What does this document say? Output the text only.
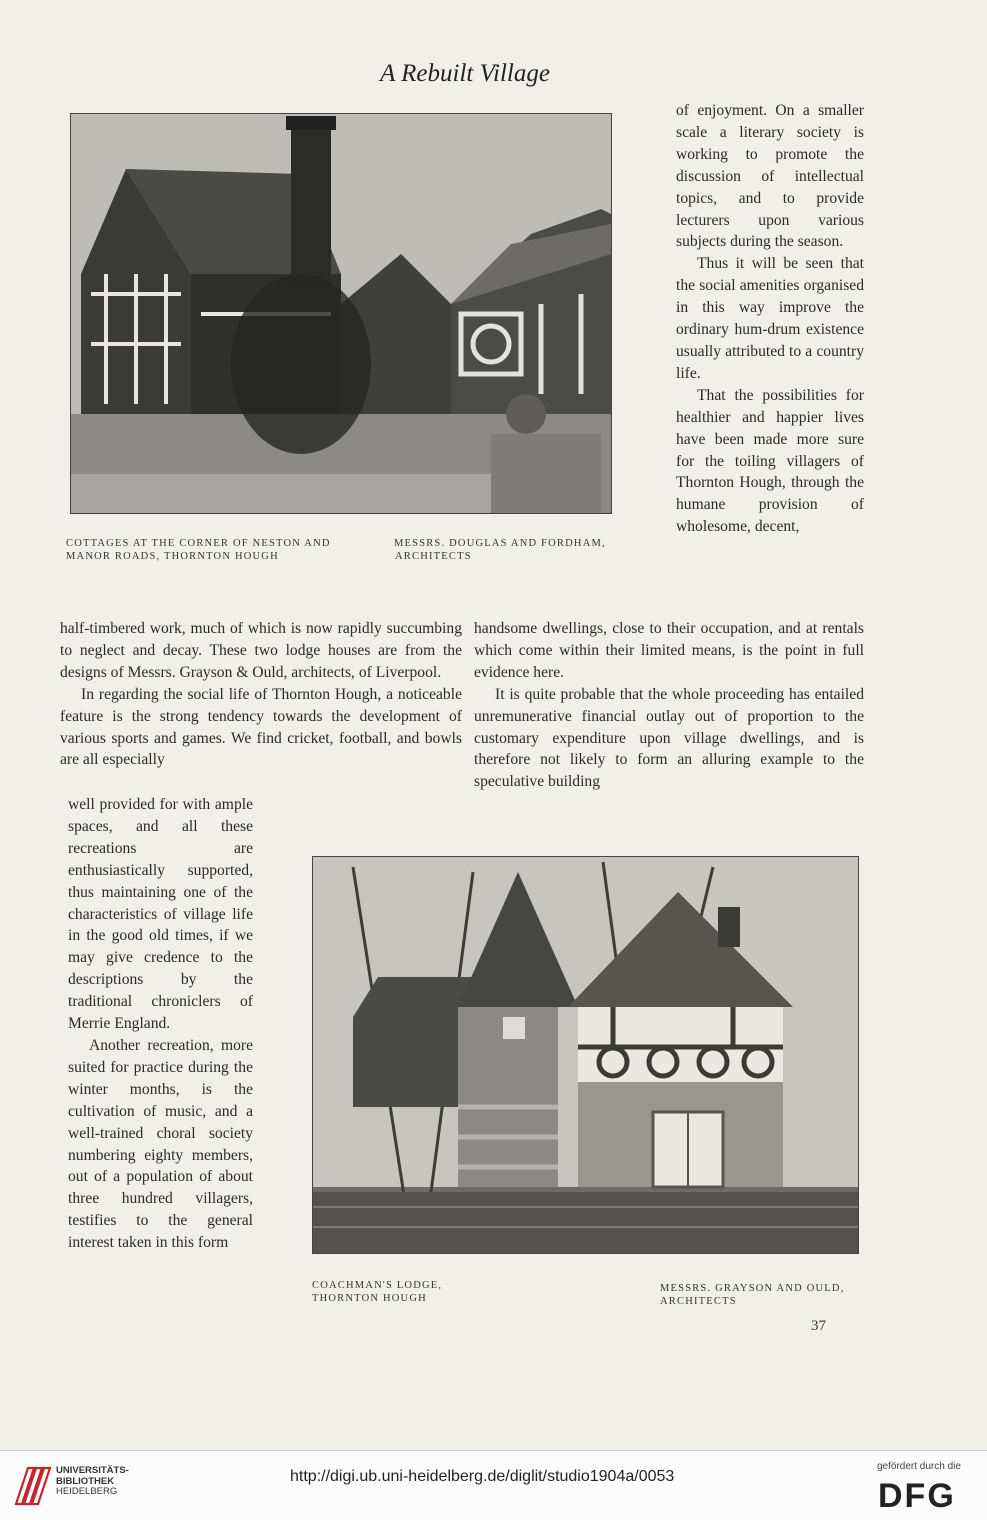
A Rebuilt Village
COTTAGES AT THE CORNER OF NESTON AND
MANOR ROADS, THORNTON HOUGH
MESSRS. DOUGLAS AND FORDHAM,
ARCHITECTS

of enjoyment. On a smaller scale a literary society is working to promote the discussion of intellectual topics, and to provide lecturers upon various subjects during the season.

Thus it will be seen that the social amenities organised in this way improve the ordinary hum-drum existence usually attributed to a country life.

That the possibilities for healthier and happier lives have been made more sure for the toiling villagers of Thornton Hough, through the humane provision of wholesome, decent,

half-timbered work, much of which is now rapidly succumbing to neglect and decay. These two lodge houses are from the designs of Messrs. Grayson & Ould, architects, of Liverpool.

In regarding the social life of Thornton Hough, a noticeable feature is the strong tendency towards the development of various sports and games. We find cricket, football, and bowls are all especially

handsome dwellings, close to their occupation, and at rentals which come within their limited means, is the point in full evidence here.

It is quite probable that the whole proceeding has entailed unremunerative financial outlay out of proportion to the customary expenditure upon village dwellings, and is therefore not likely to form an alluring example to the speculative building

well provided for with ample spaces, and all these recreations are enthusiastically supported, thus maintaining one of the characteristics of village life in the good old times, if we may give credence to the descriptions by the traditional chroniclers of Merrie England.

Another recreation, more suited for practice during the winter months, is the cultivation of music, and a well-trained choral society numbering eighty members, out of a population of about three hundred villagers, testifies to the general interest taken in this form

COACHMAN'S LODGE,
THORNTON HOUGH
MESSRS. GRAYSON AND OULD,
ARCHITECTS
37
UNIVERSITÄTS-
BIBLIOTHEK
HEIDELBERG
http://digi.ub.uni-heidelberg.de/diglit/studio1904a/0053
gefördert durch die
DFG
